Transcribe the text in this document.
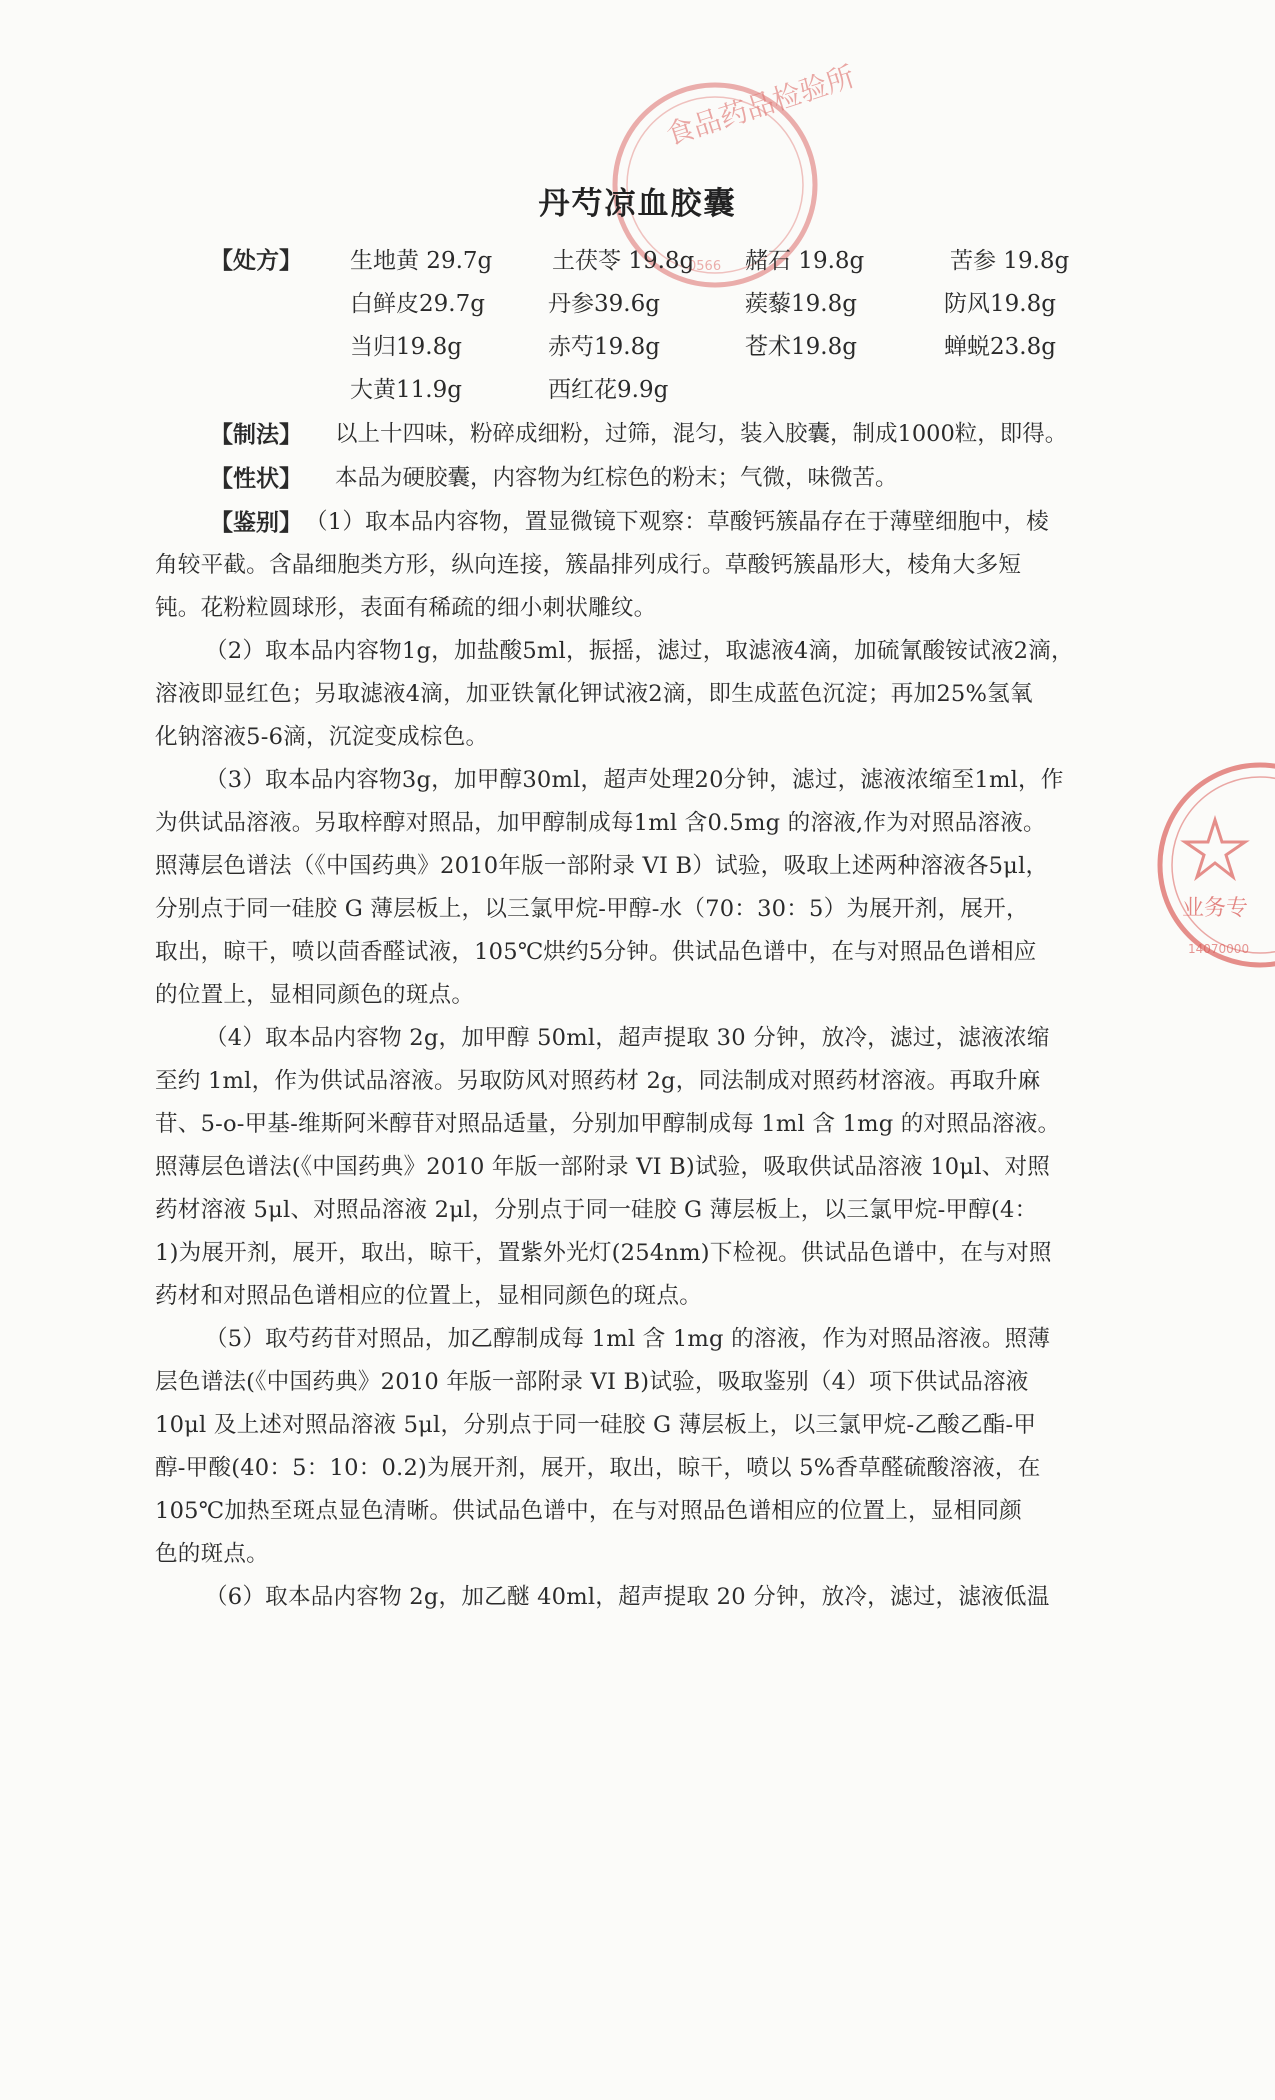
食品药品检验所
0566
业务专
14070000
丹芍凉血胶囊
【处方】 生地黄 29.7g	土茯苓 19.8g 赭石 19.8g	苦参 19.8g
白鲜皮29.7g	丹参39.6g	蒺藜19.8g	防风19.8g
当归19.8g	赤芍19.8g	苍术19.8g	蝉蜕23.8g
大黄11.9g	西红花9.9g
【制法】 以上十四味，粉碎成细粉，过筛，混匀，装入胶囊，制成1000粒，即得。
【性状】 本品为硬胶囊，内容物为红棕色的粉末；气微，味微苦。
【鉴别】 （1）取本品内容物，置显微镜下观察：草酸钙簇晶存在于薄壁细胞中，棱
角较平截。含晶细胞类方形，纵向连接，簇晶排列成行。草酸钙簇晶形大，棱角大多短
钝。花粉粒圆球形，表面有稀疏的细小刺状雕纹。
（2）取本品内容物1g，加盐酸5ml，振摇，滤过，取滤液4滴，加硫氰酸铵试液2滴，
溶液即显红色；另取滤液4滴，加亚铁氰化钾试液2滴，即生成蓝色沉淀；再加25%氢氧
化钠溶液5-6滴，沉淀变成棕色。
（3）取本品内容物3g，加甲醇30ml，超声处理20分钟，滤过，滤液浓缩至1ml，作
为供试品溶液。另取梓醇对照品，加甲醇制成每1ml 含0.5mg 的溶液,作为对照品溶液。
照薄层色谱法（《中国药典》2010年版一部附录 VI B）试验，吸取上述两种溶液各5μl，
分别点于同一硅胶 G 薄层板上，以三氯甲烷-甲醇-水（70：30：5）为展开剂，展开，
取出，晾干，喷以茴香醛试液，105℃烘约5分钟。供试品色谱中，在与对照品色谱相应
的位置上，显相同颜色的斑点。
（4）取本品内容物 2g，加甲醇 50ml，超声提取 30 分钟，放冷，滤过，滤液浓缩
至约 1ml，作为供试品溶液。另取防风对照药材 2g，同法制成对照药材溶液。再取升麻
苷、5-o-甲基-维斯阿米醇苷对照品适量，分别加甲醇制成每 1ml 含 1mg 的对照品溶液。
照薄层色谱法(《中国药典》2010 年版一部附录 VI B)试验，吸取供试品溶液 10μl、对照
药材溶液 5μl、对照品溶液 2μl，分别点于同一硅胶 G 薄层板上，以三氯甲烷-甲醇(4：
1)为展开剂，展开，取出，晾干，置紫外光灯(254nm)下检视。供试品色谱中，在与对照
药材和对照品色谱相应的位置上，显相同颜色的斑点。
（5）取芍药苷对照品，加乙醇制成每 1ml 含 1mg 的溶液，作为对照品溶液。照薄
层色谱法(《中国药典》2010 年版一部附录 VI B)试验，吸取鉴别（4）项下供试品溶液
10μl 及上述对照品溶液 5μl，分别点于同一硅胶 G 薄层板上，以三氯甲烷-乙酸乙酯-甲
醇-甲酸(40：5：10：0.2)为展开剂，展开，取出，晾干，喷以 5%香草醛硫酸溶液，在
105℃加热至斑点显色清晰。供试品色谱中，在与对照品色谱相应的位置上，显相同颜
色的斑点。
（6）取本品内容物 2g，加乙醚 40ml，超声提取 20 分钟，放冷，滤过，滤液低温
